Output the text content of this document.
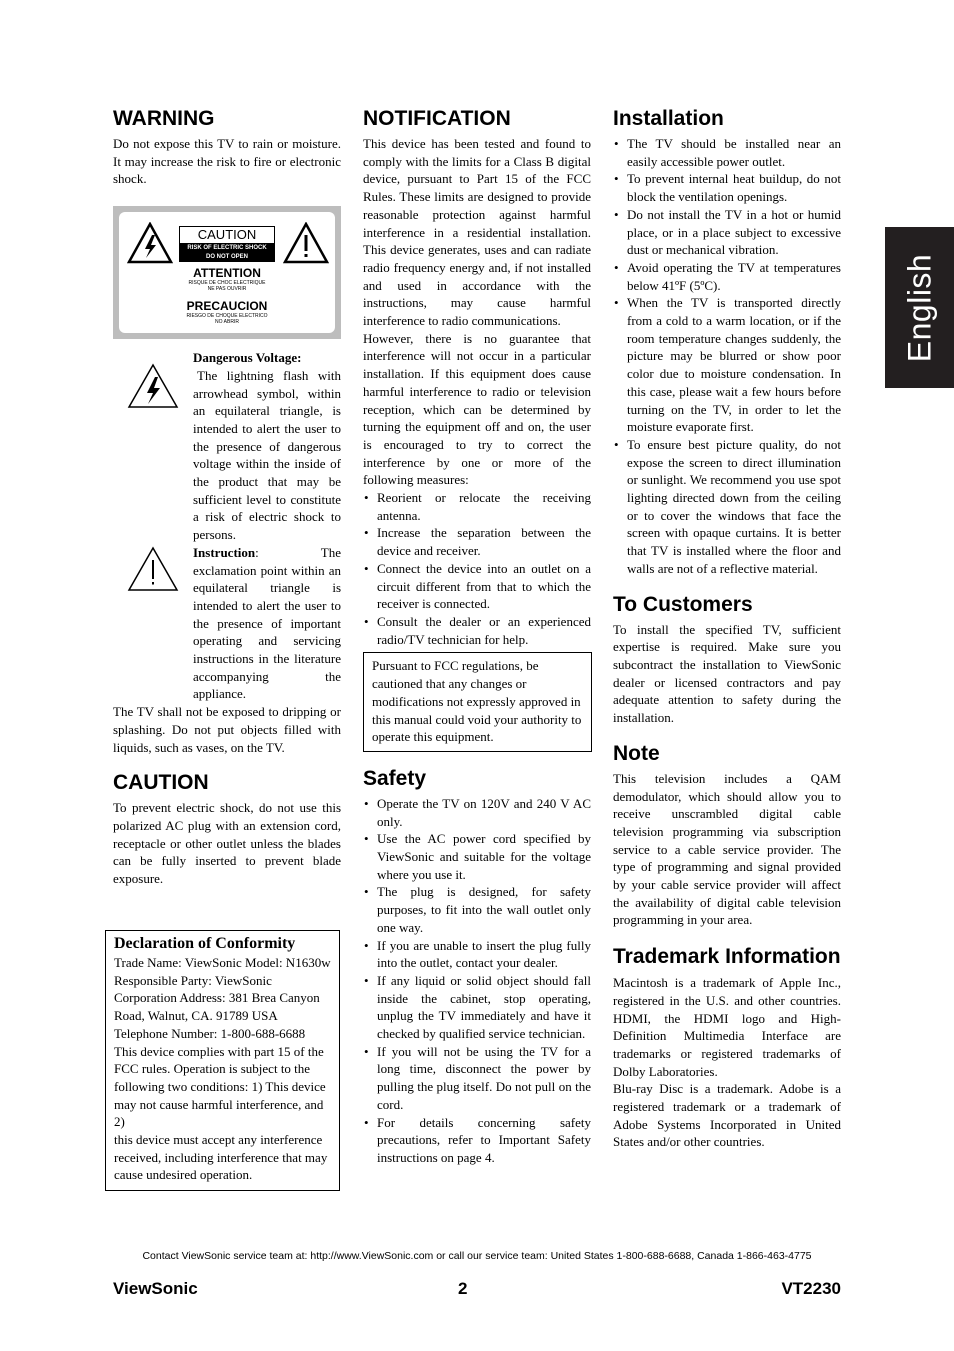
English
WARNING

Do not expose this TV to rain or moisture. It may increase the risk to fire or electronic shock.

CAUTION
RISK OF ELECTRIC SHOCK
DO NOT OPEN
ATTENTION
RISQUE DE CHOC ELECTRIQUE
NE PAS OUVRIR
PRECAUCION
RIESGO DE CHOQUE ELECTRICO
NO ABRIR

Dangerous Voltage:

The lightning flash with arrowhead symbol, within an equilateral triangle, is intended to alert the user to the presence of dangerous voltage within the inside of the product that may be sufficient level to constitute a risk of electric shock to persons.

Instruction: The exclamation point within an equilateral triangle is intended to alert the user to the presence of important operating and servicing instructions in the literature accompanying the appliance.

The TV shall not be exposed to dripping or splashing. Do not put objects filled with liquids, such as vases, on the TV.

CAUTION

To prevent electric shock, do not use this polarized AC plug with an extension cord, receptacle or other outlet unless the blades can be fully inserted to prevent blade exposure.

Declaration of Conformity

Trade Name: ViewSonic Model: N1630w Responsible Party: ViewSonic Corporation Address: 381 Brea Canyon Road, Walnut, CA. 91789 USA Telephone Number: 1-800-688-6688 This device complies with part 15 of the FCC rules. Operation is subject to the following two conditions: 1) This device may not cause harmful interference, and 2)

this device must accept any interference received, including interference that may cause undesired operation.

NOTIFICATION

This device has been tested and found to comply with the limits for a Class B digital device, pursuant to Part 15 of the FCC Rules. These limits are designed to provide reasonable protection against harmful interference in a residential installation. This device generates, uses and can radiate radio frequency energy and, if not installed and used in accordance with the instructions, may cause harmful interference to radio communications.

However, there is no guarantee that interference will not occur in a particular installation. If this equipment does cause harmful interference to radio or television reception, which can be determined by turning the equipment off and on, the user is encouraged to try to correct the interference by one or more of the following measures:

• Reorient or relocate the receiving antenna.
• Increase the separation between the device and receiver.
• Connect the device into an outlet on a circuit different from that to which the receiver is connected.
• Consult the dealer or an experienced radio/TV technician for help.
Pursuant to FCC regulations, be cautioned that any changes or modifications not expressly approved in this manual could void your authority to operate this equipment.
Safety
• Operate the TV on 120V and 240 V AC only.
• Use the AC power cord specified by ViewSonic and suitable for the voltage where you use it.
• The plug is designed, for safety purposes, to fit into the wall outlet only one way.
• If you are unable to insert the plug fully into the outlet, contact your dealer.
• If any liquid or solid object should fall inside the cabinet, stop operating, unplug the TV immediately and have it checked by qualified service technician.
• If you will not be using the TV for a long time, disconnect the power by pulling the plug itself. Do not pull on the cord.
• For details concerning safety precautions, refer to Important Safety instructions on page 4.
Installation
• The TV should be installed near an easily accessible power outlet.
• To prevent internal heat buildup, do not block the ventilation openings.
• Do not install the TV in a hot or humid place, or in a place subject to excessive dust or mechanical vibration.
• Avoid operating the TV at temperatures below 41ºF (5ºC).
• When the TV is transported directly from a cold to a warm location, or if the room temperature changes suddenly, the picture may be blurred or show poor color due to moisture condensation. In this case, please wait a few hours before turning on the TV, in order to let the moisture evaporate first.
• To ensure best picture quality, do not expose the screen to direct illumination or sunlight. We recommend you use spot lighting directed down from the ceiling or to cover the windows that face the screen with opaque curtains. It is better that TV is installed where the floor and walls are not of a reflective material.
To Customers

To install the specified TV, sufficient expertise is required. Make sure you subcontract the installation to ViewSonic dealer or licensed contractors and pay adequate attention to safety during the installation.

Note

This television includes a QAM demodulator, which should allow you to receive unscrambled digital cable television programming via subscription service to a cable service provider. The type of programming and signal provided by your cable service provider will affect the availability of digital cable television programming in your area.

Trademark Information

Macintosh is a trademark of Apple Inc., registered in the U.S. and other countries. HDMI, the HDMI logo and High-Definition Multimedia Interface are trademarks or registered trademarks of Dolby Laboratories.

Blu-ray Disc is a trademark. Adobe is a registered trademark or a trademark of Adobe Systems Incorporated in United States and/or other countries.

Contact ViewSonic service team at: http://www.ViewSonic.com or call our service team: United States 1-800-688-6688, Canada 1-866-463-4775
ViewSonic	2	VT2230
